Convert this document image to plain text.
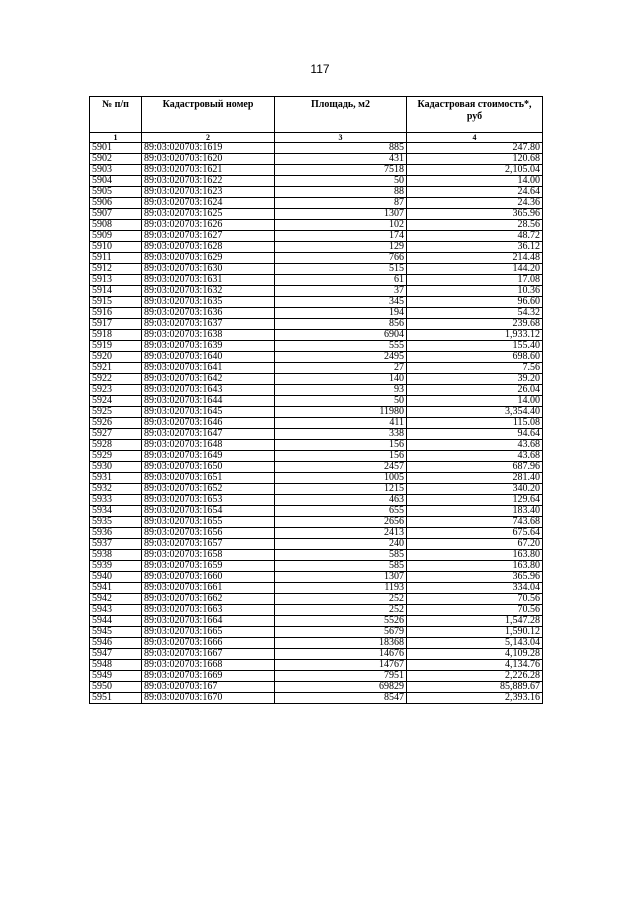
117
№ п/п	Кадастровый номер	Площадь, м2	Кадастровая стоимость*, руб
1	2	3	4
5901	89:03:020703:1619	885	247.80
5902	89:03:020703:1620	431	120.68
5903	89:03:020703:1621	7518	2,105.04
5904	89:03:020703:1622	50	14.00
5905	89:03:020703:1623	88	24.64
5906	89:03:020703:1624	87	24.36
5907	89:03:020703:1625	1307	365.96
5908	89:03:020703:1626	102	28.56
5909	89:03:020703:1627	174	48.72
5910	89:03:020703:1628	129	36.12
5911	89:03:020703:1629	766	214.48
5912	89:03:020703:1630	515	144.20
5913	89:03:020703:1631	61	17.08
5914	89:03:020703:1632	37	10.36
5915	89:03:020703:1635	345	96.60
5916	89:03:020703:1636	194	54.32
5917	89:03:020703:1637	856	239.68
5918	89:03:020703:1638	6904	1,933.12
5919	89:03:020703:1639	555	155.40
5920	89:03:020703:1640	2495	698.60
5921	89:03:020703:1641	27	7.56
5922	89:03:020703:1642	140	39.20
5923	89:03:020703:1643	93	26.04
5924	89:03:020703:1644	50	14.00
5925	89:03:020703:1645	11980	3,354.40
5926	89:03:020703:1646	411	115.08
5927	89:03:020703:1647	338	94.64
5928	89:03:020703:1648	156	43.68
5929	89:03:020703:1649	156	43.68
5930	89:03:020703:1650	2457	687.96
5931	89:03:020703:1651	1005	281.40
5932	89:03:020703:1652	1215	340.20
5933	89:03:020703:1653	463	129.64
5934	89:03:020703:1654	655	183.40
5935	89:03:020703:1655	2656	743.68
5936	89:03:020703:1656	2413	675.64
5937	89:03:020703:1657	240	67.20
5938	89:03:020703:1658	585	163.80
5939	89:03:020703:1659	585	163.80
5940	89:03:020703:1660	1307	365.96
5941	89:03:020703:1661	1193	334.04
5942	89:03:020703:1662	252	70.56
5943	89:03:020703:1663	252	70.56
5944	89:03:020703:1664	5526	1,547.28
5945	89:03:020703:1665	5679	1,590.12
5946	89:03:020703:1666	18368	5,143.04
5947	89:03:020703:1667	14676	4,109.28
5948	89:03:020703:1668	14767	4,134.76
5949	89:03:020703:1669	7951	2,226.28
5950	89:03:020703:167	69829	85,889.67
5951	89:03:020703:1670	8547	2,393.16
